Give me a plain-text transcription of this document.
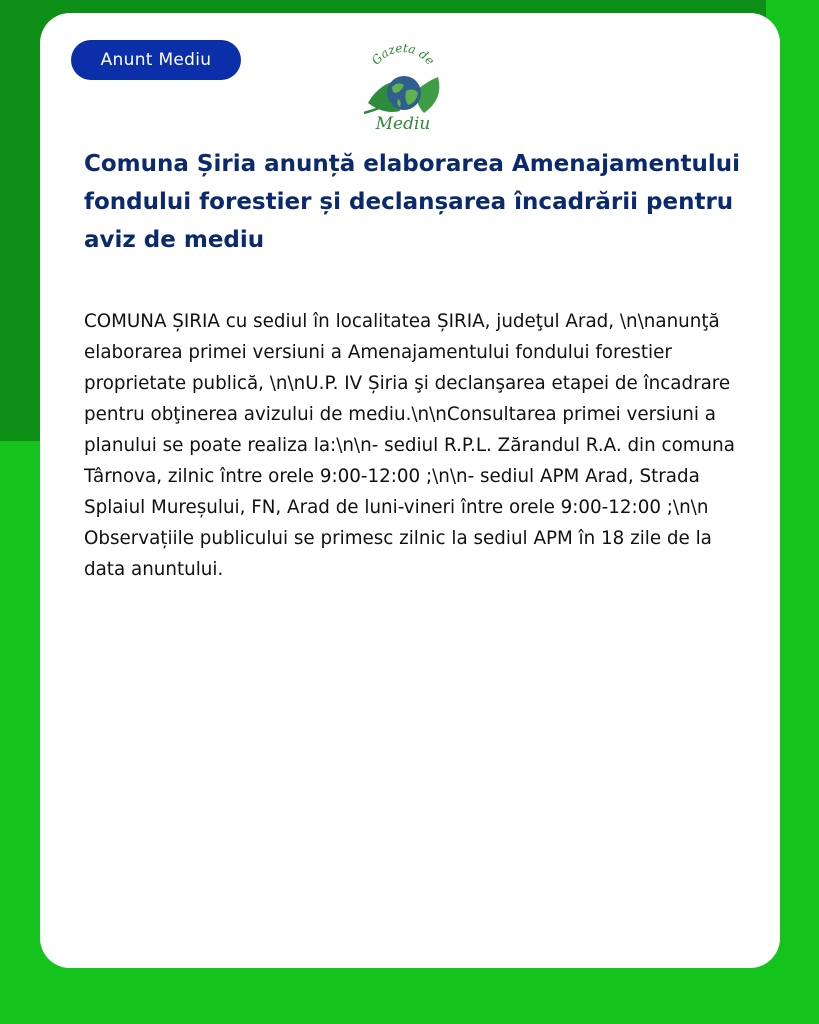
Anunt Mediu	Gazeta de
Mediu
Comuna Șiria anunță elaborarea Amenajamentului fondului forestier și declanșarea încadrării pentru aviz de mediu

COMUNA ȘIRIA cu sediul în localitatea ȘIRIA, judeţul Arad, \n\nanunţă elaborarea primei versiuni a Amenajamentului fondului forestier proprietate publică, \n\nU.P. IV Șiria şi declanşarea etapei de încadrare pentru obţinerea avizului de mediu.\n\nConsultarea primei versiuni a planului se poate realiza la:\n\n- sediul R.P.L. Zărandul R.A. din comuna Târnova, zilnic între orele 9:00-12:00 ;\n\n- sediul APM Arad, Strada Splaiul Mureșului, FN, Arad de luni-vineri între orele 9:00-12:00 ;\n\n Observațiile publicului se primesc zilnic la sediul APM în 18 zile de la data anuntului.
